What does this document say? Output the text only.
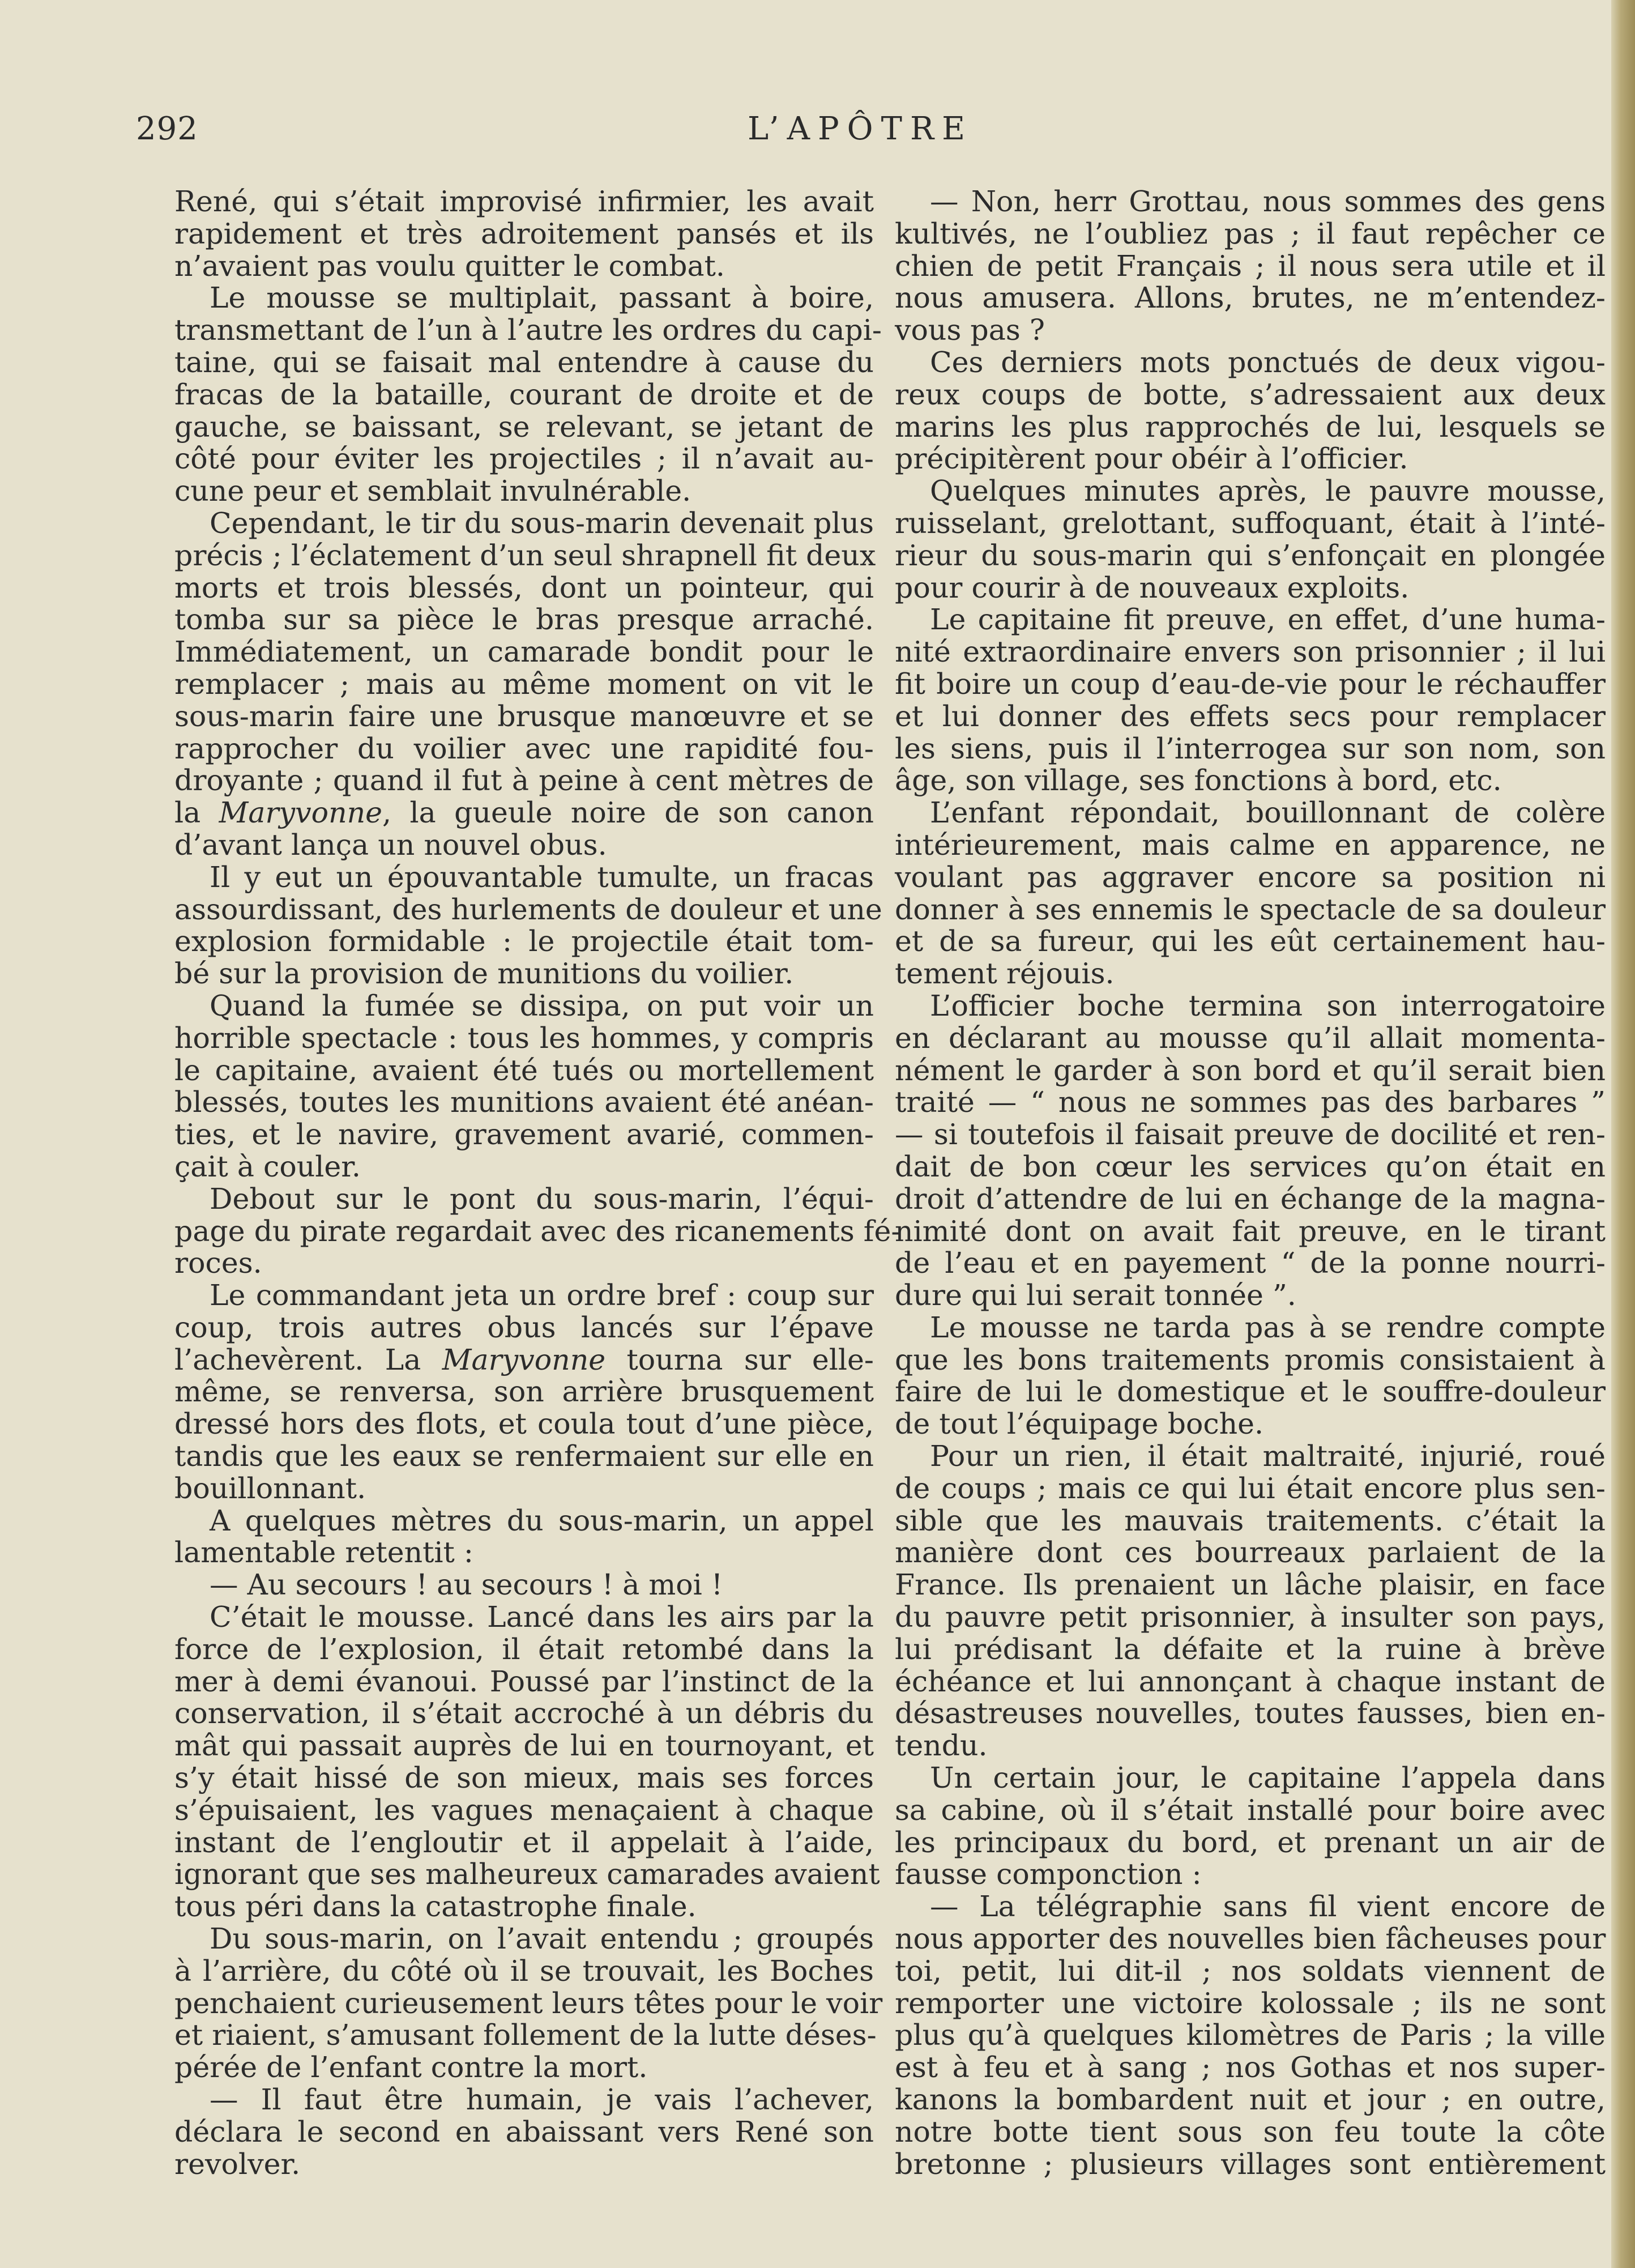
292	L’APÔTRE
René, qui s’était improvisé infirmier, les avait
rapidement et très adroitement pansés et ils
n’avaient pas voulu quitter le combat.
Le mousse se multiplait, passant à boire,
transmettant de l’un à l’autre les ordres du capi-
taine, qui se faisait mal entendre à cause du
fracas de la bataille, courant de droite et de
gauche, se baissant, se relevant, se jetant de
côté pour éviter les projectiles ; il n’avait au-
cune peur et semblait invulnérable.
Cependant, le tir du sous-marin devenait plus
précis ; l’éclatement d’un seul shrapnell fit deux
morts et trois blessés, dont un pointeur, qui
tomba sur sa pièce le bras presque arraché.
Immédiatement, un camarade bondit pour le
remplacer ; mais au même moment on vit le
sous-marin faire une brusque manœuvre et se
rapprocher du voilier avec une rapidité fou-
droyante ; quand il fut à peine à cent mètres de
la Maryvonne, la gueule noire de son canon
d’avant lança un nouvel obus.
Il y eut un épouvantable tumulte, un fracas
assourdissant, des hurlements de douleur et une
explosion formidable : le projectile était tom-
bé sur la provision de munitions du voilier.
Quand la fumée se dissipa, on put voir un
horrible spectacle : tous les hommes, y compris
le capitaine, avaient été tués ou mortellement
blessés, toutes les munitions avaient été anéan-
ties, et le navire, gravement avarié, commen-
çait à couler.
Debout sur le pont du sous-marin, l’équi-
page du pirate regardait avec des ricanements fé-
roces.
Le commandant jeta un ordre bref : coup sur
coup, trois autres obus lancés sur l’épave
l’achevèrent. La Maryvonne tourna sur elle-
même, se renversa, son arrière brusquement
dressé hors des flots, et coula tout d’une pièce,
tandis que les eaux se renfermaient sur elle en
bouillonnant.
A quelques mètres du sous-marin, un appel
lamentable retentit :
— Au secours ! au secours ! à moi !
C’était le mousse. Lancé dans les airs par la
force de l’explosion, il était retombé dans la
mer à demi évanoui. Poussé par l’instinct de la
conservation, il s’était accroché à un débris du
mât qui passait auprès de lui en tournoyant, et
s’y était hissé de son mieux, mais ses forces
s’épuisaient, les vagues menaçaient à chaque
instant de l’engloutir et il appelait à l’aide,
ignorant que ses malheureux camarades avaient
tous péri dans la catastrophe finale.
Du sous-marin, on l’avait entendu ; groupés
à l’arrière, du côté où il se trouvait, les Boches
penchaient curieusement leurs têtes pour le voir
et riaient, s’amusant follement de la lutte déses-
pérée de l’enfant contre la mort.
— Il faut être humain, je vais l’achever,
déclara le second en abaissant vers René son
revolver.
— Non, herr Grottau, nous sommes des gens
kultivés, ne l’oubliez pas ; il faut repêcher ce
chien de petit Français ; il nous sera utile et il
nous amusera. Allons, brutes, ne m’entendez-
vous pas ?
Ces derniers mots ponctués de deux vigou-
reux coups de botte, s’adressaient aux deux
marins les plus rapprochés de lui, lesquels se
précipitèrent pour obéir à l’officier.
Quelques minutes après, le pauvre mousse,
ruisselant, grelottant, suffoquant, était à l’inté-
rieur du sous-marin qui s’enfonçait en plongée
pour courir à de nouveaux exploits.
Le capitaine fit preuve, en effet, d’une huma-
nité extraordinaire envers son prisonnier ; il lui
fit boire un coup d’eau-de-vie pour le réchauffer
et lui donner des effets secs pour remplacer
les siens, puis il l’interrogea sur son nom, son
âge, son village, ses fonctions à bord, etc.
L’enfant répondait, bouillonnant de colère
intérieurement, mais calme en apparence, ne
voulant pas aggraver encore sa position ni
donner à ses ennemis le spectacle de sa douleur
et de sa fureur, qui les eût certainement hau-
tement réjouis.
L’officier boche termina son interrogatoire
en déclarant au mousse qu’il allait momenta-
nément le garder à son bord et qu’il serait bien
traité — “ nous ne sommes pas des barbares ”
— si toutefois il faisait preuve de docilité et ren-
dait de bon cœur les services qu’on était en
droit d’attendre de lui en échange de la magna-
nimité dont on avait fait preuve, en le tirant
de l’eau et en payement “ de la ponne nourri-
dure qui lui serait tonnée ”.
Le mousse ne tarda pas à se rendre compte
que les bons traitements promis consistaient à
faire de lui le domestique et le souffre-douleur
de tout l’équipage boche.
Pour un rien, il était maltraité, injurié, roué
de coups ; mais ce qui lui était encore plus sen-
sible que les mauvais traitements. c’était la
manière dont ces bourreaux parlaient de la
France. Ils prenaient un lâche plaisir, en face
du pauvre petit prisonnier, à insulter son pays,
lui prédisant la défaite et la ruine à brève
échéance et lui annonçant à chaque instant de
désastreuses nouvelles, toutes fausses, bien en-
tendu.
Un certain jour, le capitaine l’appela dans
sa cabine, où il s’était installé pour boire avec
les principaux du bord, et prenant un air de
fausse componction :
— La télégraphie sans fil vient encore de
nous apporter des nouvelles bien fâcheuses pour
toi, petit, lui dit-il ; nos soldats viennent de
remporter une victoire kolossale ; ils ne sont
plus qu’à quelques kilomètres de Paris ; la ville
est à feu et à sang ; nos Gothas et nos super-
kanons la bombardent nuit et jour ; en outre,
notre botte tient sous son feu toute la côte
bretonne ; plusieurs villages sont entièrement
